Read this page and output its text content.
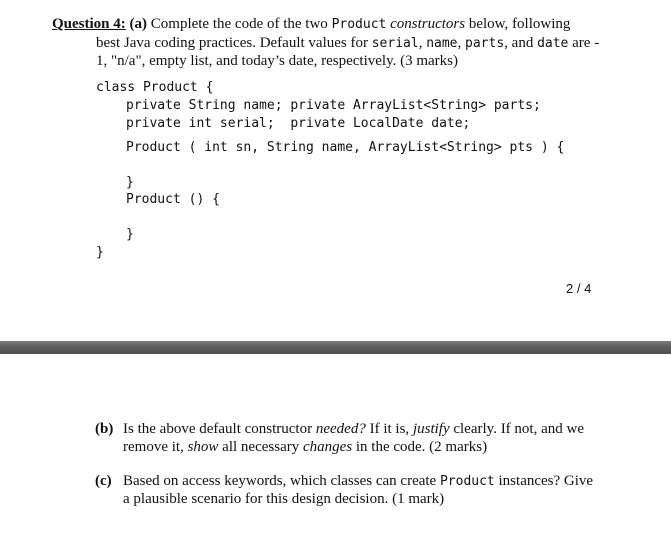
Question 4: (a) Complete the code of the two Product constructors below, following
best Java coding practices. Default values for serial, name, parts, and date are -
1, "n/a", empty list, and today’s date, respectively. (3 marks)
class Product {
private String name; private ArrayList<String> parts;
private int serial;  private LocalDate date;
Product ( int sn, String name, ArrayList<String> pts ) {
}
Product () {
}
}
2 / 4
(b) Is the above default constructor needed? If it is, justify clearly. If not, and we
remove it, show all necessary changes in the code. (2 marks)
(c) Based on access keywords, which classes can create Product instances? Give
a plausible scenario for this design decision. (1 mark)
